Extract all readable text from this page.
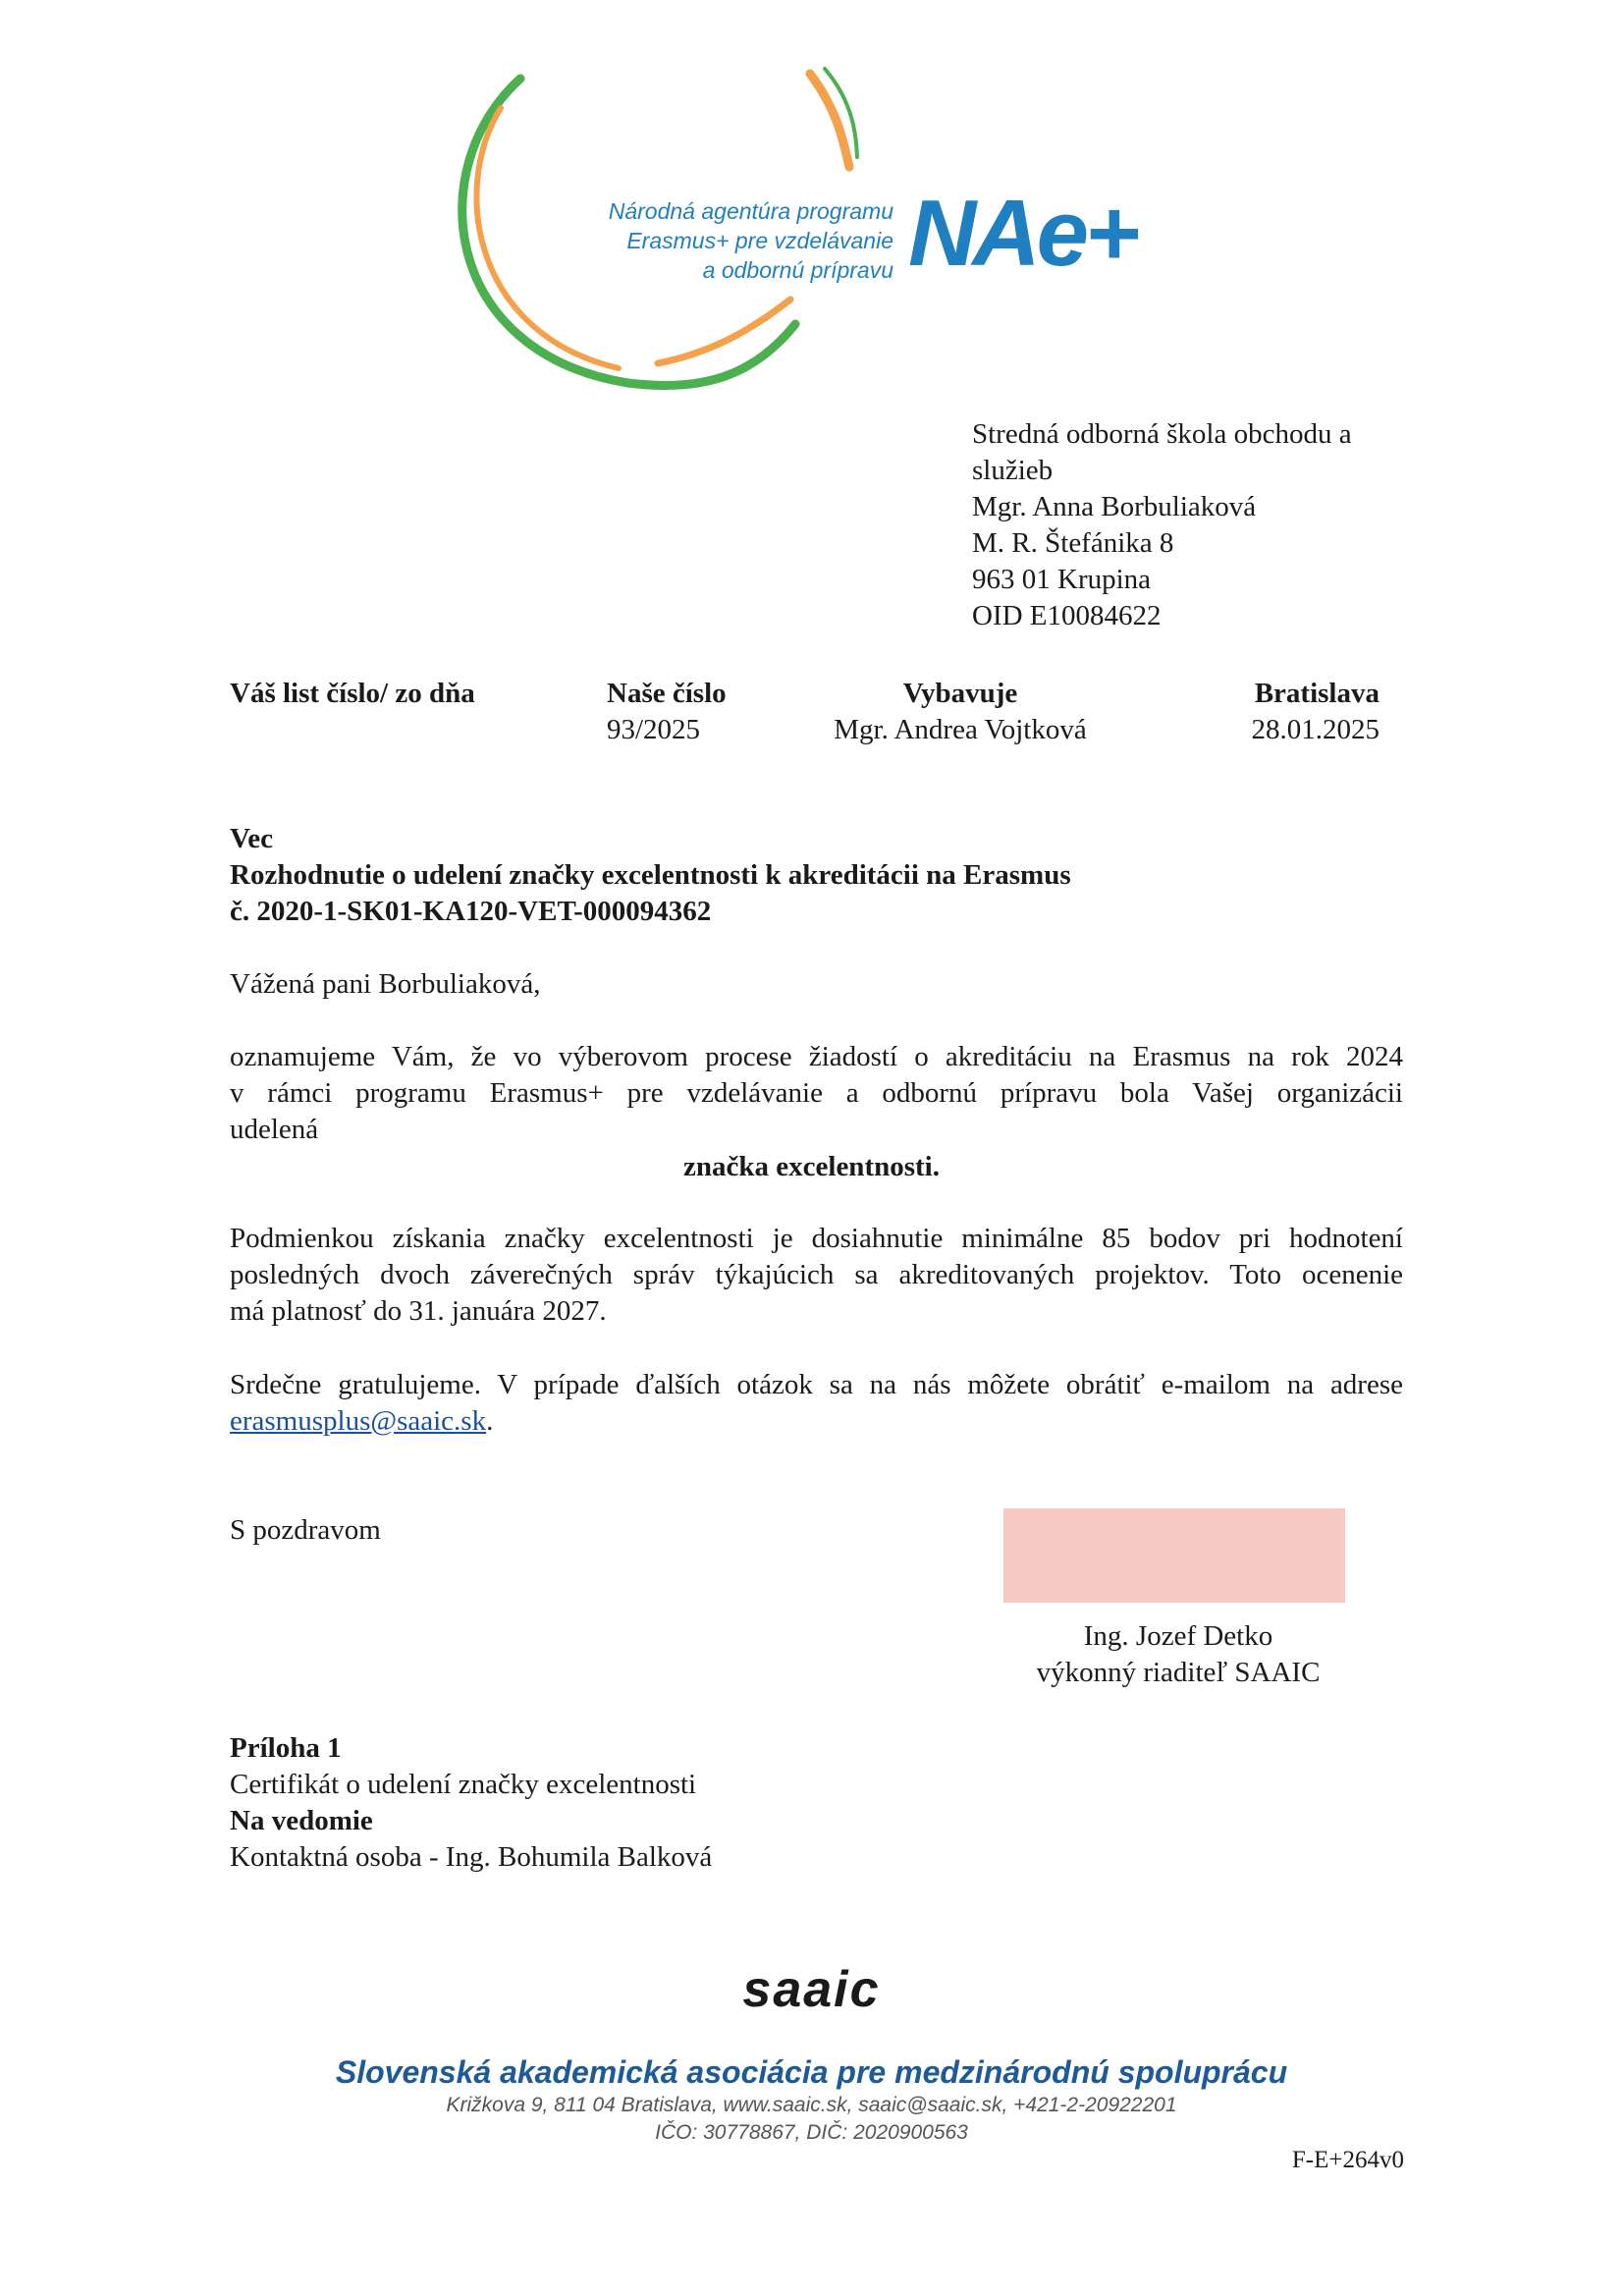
Národná agentúra programu
Erasmus+ pre vzdelávanie
a odbornú prípravu NAe+
Stredná odborná škola obchodu a
služieb
Mgr. Anna Borbuliaková
M. R. Štefánika 8
963 01 Krupina
OID E10084622
Váš list číslo/ zo dňa	Naše číslo
93/2025
Vybavuje
Mgr. Andrea Vojtková
Bratislava
28.01.2025
Vec
Rozhodnutie o udelení značky excelentnosti k akreditácii na Erasmus
č. 2020-1-SK01-KA120-VET-000094362
Vážená pani Borbuliaková,
oznamujeme Vám, že vo výberovom procese žiadostí o akreditáciu na Erasmus na rok 2024
v rámci programu Erasmus+ pre vzdelávanie a odbornú prípravu bola Vašej organizácii
udelená
značka excelentnosti.
Podmienkou získania značky excelentnosti je dosiahnutie minimálne 85 bodov pri hodnotení
posledných dvoch záverečných správ týkajúcich sa akreditovaných projektov. Toto ocenenie
má platnosť do 31. januára 2027.
Srdečne gratulujeme. V prípade ďalších otázok sa na nás môžete obrátiť e-mailom na adrese
erasmusplus@saaic.sk.
S pozdravom
Ing. Jozef Detko
výkonný riaditeľ SAAIC
Príloha 1
Certifikát o udelení značky excelentnosti
Na vedomie
Kontaktná osoba - Ing. Bohumila Balková
saaic
Slovenská akademická asociácia pre medzinárodnú spoluprácu
Križkova 9, 811 04 Bratislava, www.saaic.sk, saaic@saaic.sk, +421-2-20922201
IČO: 30778867, DIČ: 2020900563
F-E+264v0
